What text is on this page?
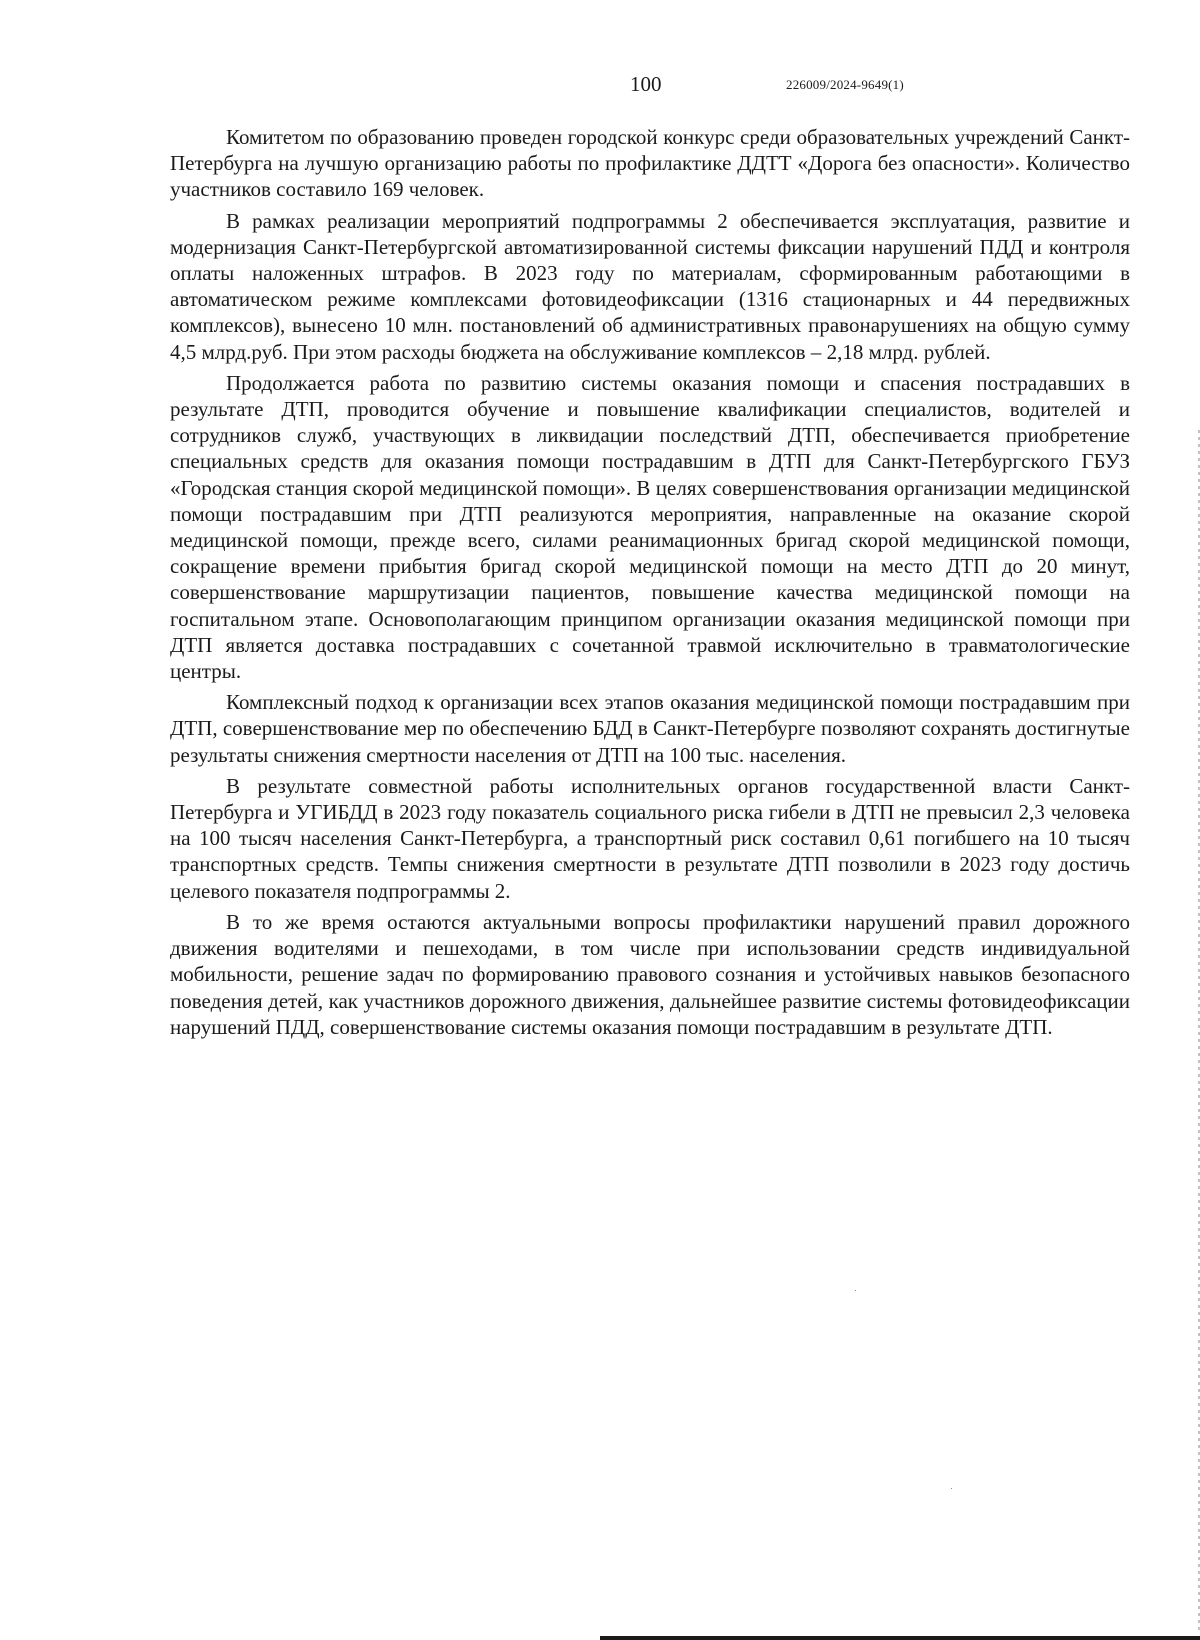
100	226009/2024-9649(1)

Комитетом по образованию проведен городской конкурс среди образовательных учреждений Санкт-Петербурга на лучшую организацию работы по профилактике ДДТТ «Дорога без опасности». Количество участников составило 169 человек.

В рамках реализации мероприятий подпрограммы 2 обеспечивается эксплуатация, развитие и модернизация Санкт-Петербургской автоматизированной системы фиксации нарушений ПДД и контроля оплаты наложенных штрафов. В 2023 году по материалам, сформированным работающими в автоматическом режиме комплексами фотовидеофиксации (1316 стационарных и 44 передвижных комплексов), вынесено 10 млн. постановлений об административных правонарушениях на общую сумму 4,5 млрд.руб. При этом расходы бюджета на обслуживание комплексов – 2,18 млрд. рублей.

Продолжается работа по развитию системы оказания помощи и спасения пострадавших в результате ДТП, проводится обучение и повышение квалификации специалистов, водителей и сотрудников служб, участвующих в ликвидации последствий ДТП, обеспечивается приобретение специальных средств для оказания помощи пострадавшим в ДТП для Санкт-Петербургского ГБУЗ «Городская станция скорой медицинской помощи». В целях совершенствования организации медицинской помощи пострадавшим при ДТП реализуются мероприятия, направленные на оказание скорой медицинской помощи, прежде всего, силами реанимационных бригад скорой медицинской помощи, сокращение времени прибытия бригад скорой медицинской помощи на место ДТП до 20 минут, совершенствование маршрутизации пациентов, повышение качества медицинской помощи на госпитальном этапе. Основополагающим принципом организации оказания медицинской помощи при ДТП является доставка пострадавших с сочетанной травмой исключительно в травматологические центры.

Комплексный подход к организации всех этапов оказания медицинской помощи пострадавшим при ДТП, совершенствование мер по обеспечению БДД в Санкт-Петербурге позволяют сохранять достигнутые результаты снижения смертности населения от ДТП на 100 тыс. населения.

В результате совместной работы исполнительных органов государственной власти Санкт-Петербурга и УГИБДД в 2023 году показатель социального риска гибели в ДТП не превысил 2,3 человека на 100 тысяч населения Санкт-Петербурга, а транспортный риск составил 0,61 погибшего на 10 тысяч транспортных средств. Темпы снижения смертности в результате ДТП позволили в 2023 году достичь целевого показателя подпрограммы 2.

В то же время остаются актуальными вопросы профилактики нарушений правил дорожного движения водителями и пешеходами, в том числе при использовании средств индивидуальной мобильности, решение задач по формированию правового сознания и устойчивых навыков безопасного поведения детей, как участников дорожного движения, дальнейшее развитие системы фотовидеофиксации нарушений ПДД, совершенствование системы оказания помощи пострадавшим в результате ДТП.
